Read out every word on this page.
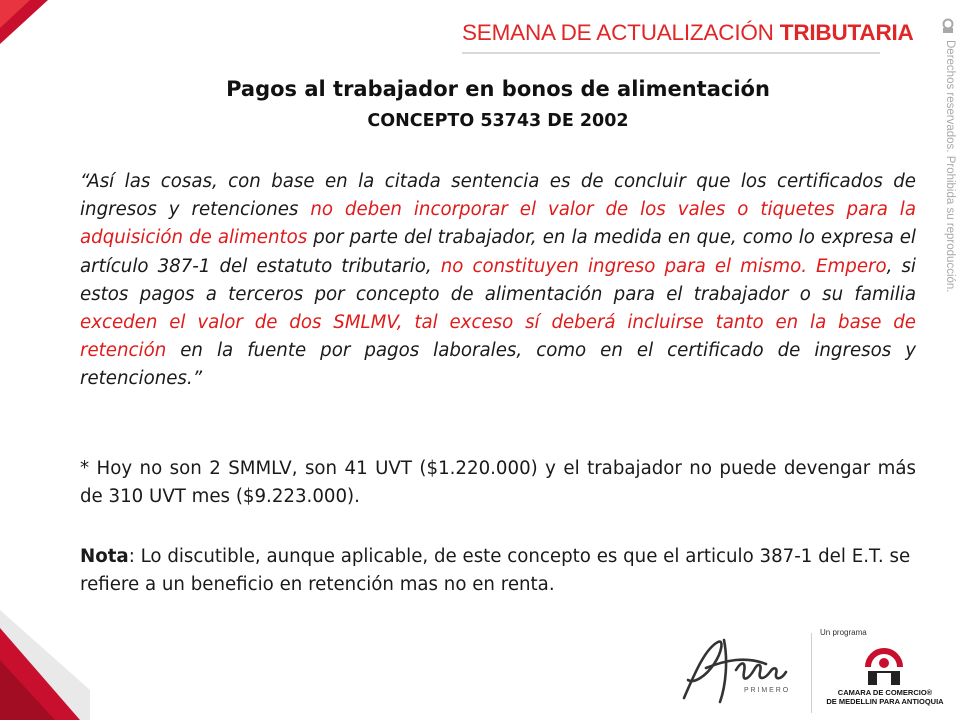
SEMANA DE ACTUALIZACIÓN TRIBUTARIA
Derechos reservados. Prohibida su reproducción.
Pagos al trabajador en bonos de alimentación
CONCEPTO 53743 DE 2002

“Así las cosas, con base en la citada sentencia es de concluir que los certificados de ingresos y retenciones no deben incorporar el valor de los vales o tiquetes para la adquisición de alimentos por parte del trabajador, en la medida en que, como lo expresa el artículo 387-1 del estatuto tributario, no constituyen ingreso para el mismo. Empero, si estos pagos a terceros por concepto de alimentación para el trabajador o su familia exceden el valor de dos SMLMV, tal exceso sí deberá incluirse tanto en la base de retención en la fuente por pagos laborales, como en el certificado de ingresos y retenciones.”

* Hoy no son 2 SMMLV, son 41 UVT ($1.220.000) y el trabajador no puede devengar más de 310 UVT mes ($9.223.000).

Nota: Lo discutible, aunque aplicable, de este concepto es que el articulo 387-1 del E.T. se refiere a un beneficio en retención mas no en renta.

P R I M E R O
Un programa
CAMARA DE COMERCIO®
DE MEDELLIN PARA ANTIOQUIA
